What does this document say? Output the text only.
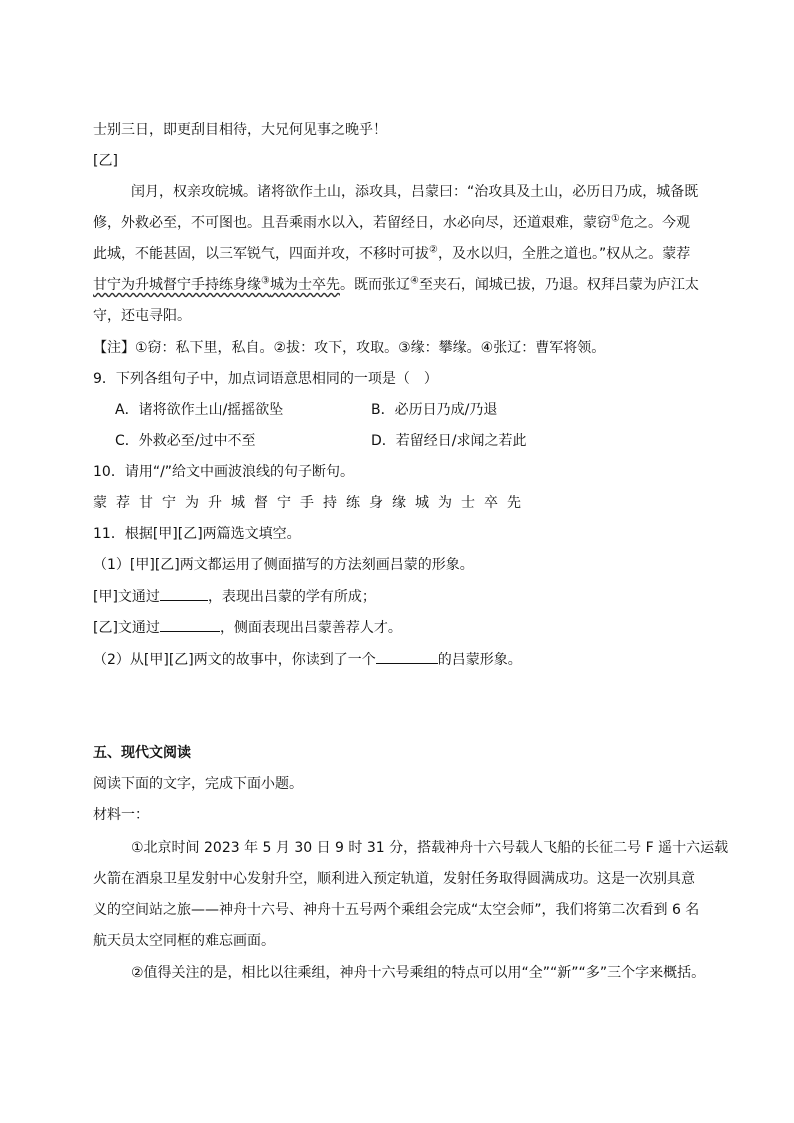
士别三日，即更刮目相待，大兄何见事之晚乎！
[乙]
闰月，权亲攻皖城。诸将欲作土山，添攻具，吕蒙曰：“治攻具及土山，必历日乃成，城备既
修，外救必至，不可图也。且吾乘雨水以入，若留经日，水必向尽，还道艰难，蒙窃①危之。今观
此城，不能甚固，以三军锐气，四面并攻，不移时可拔②，及水以归，全胜之道也。”权从之。蒙荐
甘宁为升城督宁手持练身缘③城为士卒先。既而张辽④至夹石，闻城已拔，乃退。权拜吕蒙为庐江太
守，还屯寻阳。
【注】①窃：私下里，私自。②拔：攻下，攻取。③缘：攀缘。④张辽：曹军将领。
9．下列各组句子中，加点词语意思相同的一项是（　）
A．诸将欲作土山/摇摇欲坠	B．必历日乃成/乃退
C．外救必至/过中不至	D．若留经日/求闻之若此
10．请用“/”给文中画波浪线的句子断句。
蒙荐甘宁为升城督宁手持练身缘城为士卒先
11．根据[甲][乙]两篇选文填空。
（1）[甲][乙]两文都运用了侧面描写的方法刻画吕蒙的形象。
[甲]文通过	，表现出吕蒙的学有所成；
[乙]文通过	，侧面表现出吕蒙善荐人才。
（2）从[甲][乙]两文的故事中，你读到了一个	的吕蒙形象。
五、现代文阅读
阅读下面的文字，完成下面小题。
材料一：
①北京时间 2023 年 5 月 30 日 9 时 31 分，搭载神舟十六号载人飞船的长征二号 F 遥十六运载
火箭在酒泉卫星发射中心发射升空，顺利进入预定轨道，发射任务取得圆满成功。这是一次别具意
义的空间站之旅——神舟十六号、神舟十五号两个乘组会完成“太空会师”，我们将第二次看到 6 名
航天员太空同框的难忘画面。
②值得关注的是，相比以往乘组，神舟十六号乘组的特点可以用“全”“新”“多”三个字来概括。
